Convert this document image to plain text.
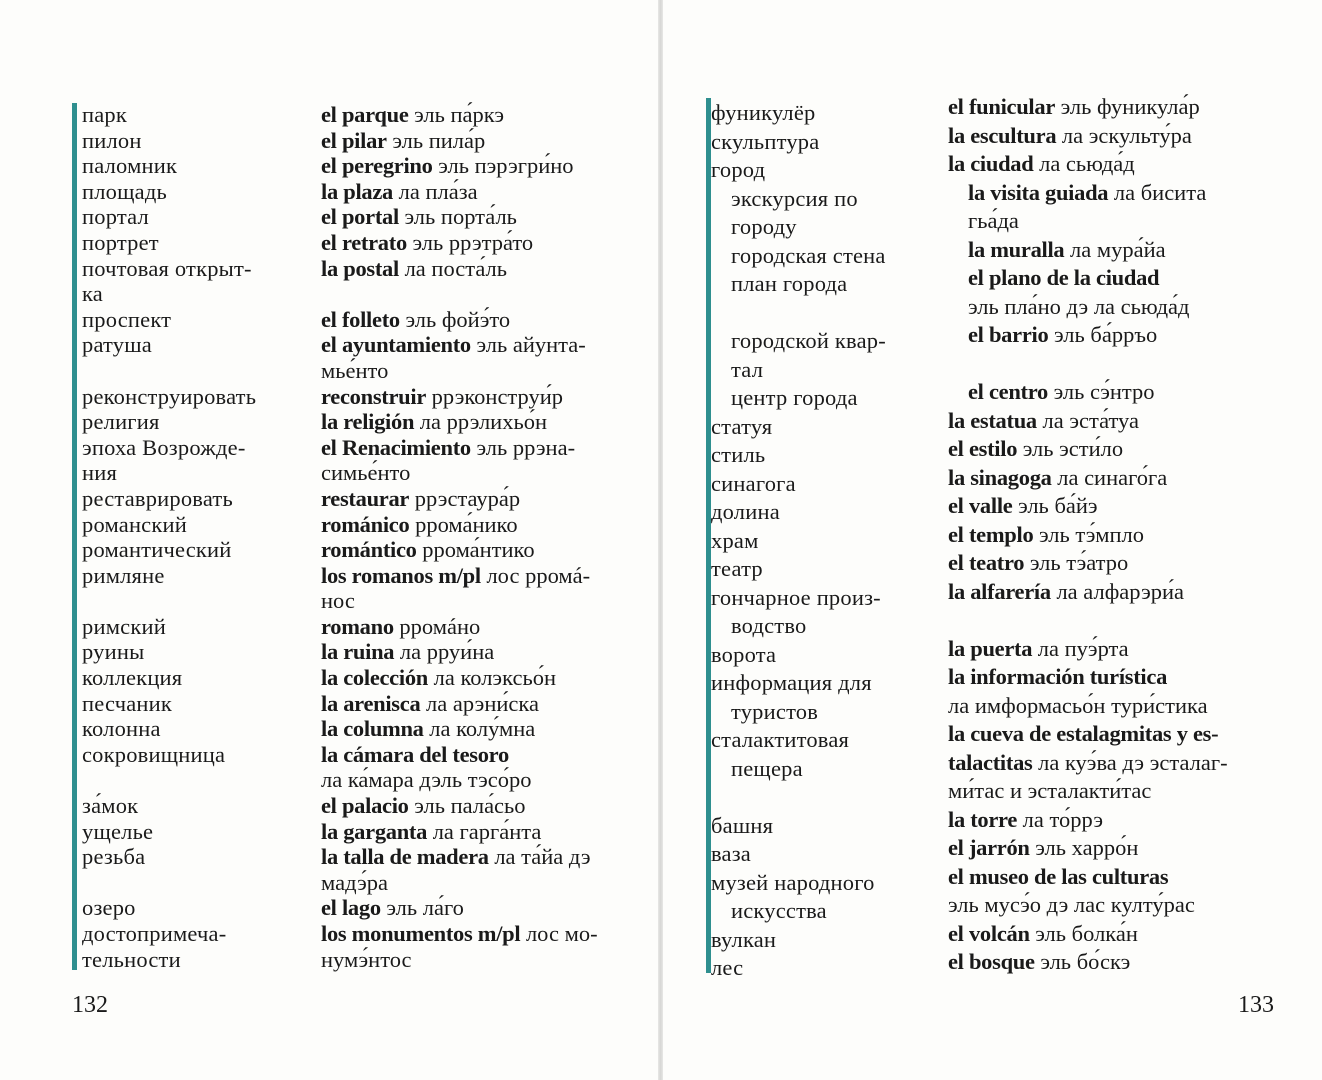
парк
пилон
паломник
площадь
портал
портрет
почтовая открыт-
ка
проспект
ратуша
реконструировать
религия
эпоха Возрожде-
ния
реставрировать
романский
романтический
римляне
римский
руины
коллекция
песчаник
колонна
сокровищница
за́мок
ущелье
резьба
озеро
достопримеча-
тельности
el parque эль па́ркэ
el pilar эль пила́р
el peregrino эль пэрэгри́но
la plaza ла пла́за
el portal эль порта́ль
el retrato эль ррэтра́то
la postal ла поста́ль
el folleto эль фойэ́то
el ayuntamiento эль айунта-
мье́нто
reconstruir ррэконструи́р
la religión ла ррэлихьо́н
el Renacimiento эль ррэна-
симье́нто
restaurar ррэстаура́р
románico ррома́нико
romántico ррома́нтико
los romanos m/pl лос рромá-
нос
romano рромáно
la ruina ла рруи́на
la colección ла колэксьо́н
la arenisca ла арэни́ска
la columna ла колу́мна
la cámara del tesoro
ла ка́мара дэль тэсо́ро
el palacio эль пала́сьо
la garganta ла гарга́нта
la talla de madera ла та́йа дэ
мадэ́ра
el lago эль ла́го
los monumentos m/pl лос мо-
нумэ́нтос
фуникулёр
скульптура
город
экскурсия по
городу
городская стена
план города
городской квар-
тал
центр города
статуя
стиль
синагога
долина
храм
театр
гончарное произ-
водство
ворота
информация для
туристов
сталактитовая
пещера
башня
ваза
музей народного
искусства
вулкан
лес
el funicular эль фуникула́р
la escultura ла эскульту́ра
la ciudad ла сьюда́д
la visita guiada ла бисита
гьа́да
la muralla ла мура́йа
el plano de la ciudad
эль пла́но дэ ла сьюда́д
el barrio эль ба́рръо
el centro эль сэ́нтро
la estatua ла эста́туа
el estilo эль эсти́ло
la sinagoga ла синаго́га
el valle эль ба́йэ
el templo эль тэ́мпло
el teatro эль тэ́атро
la alfarería ла алфарэри́а
la puerta ла пуэ́рта
la información turística
ла имформасьо́н тури́стика
la cueva de estalagmitas y es-
talactitas ла куэ́ва дэ эсталаг-
ми́тас и эсталакти́тас
la torre ла то́ррэ
el jarrón эль харро́н
el museo de las culturas
эль мусэ́о дэ лас култу́рас
el volcán эль болка́н
el bosque эль бо́скэ
132	133
